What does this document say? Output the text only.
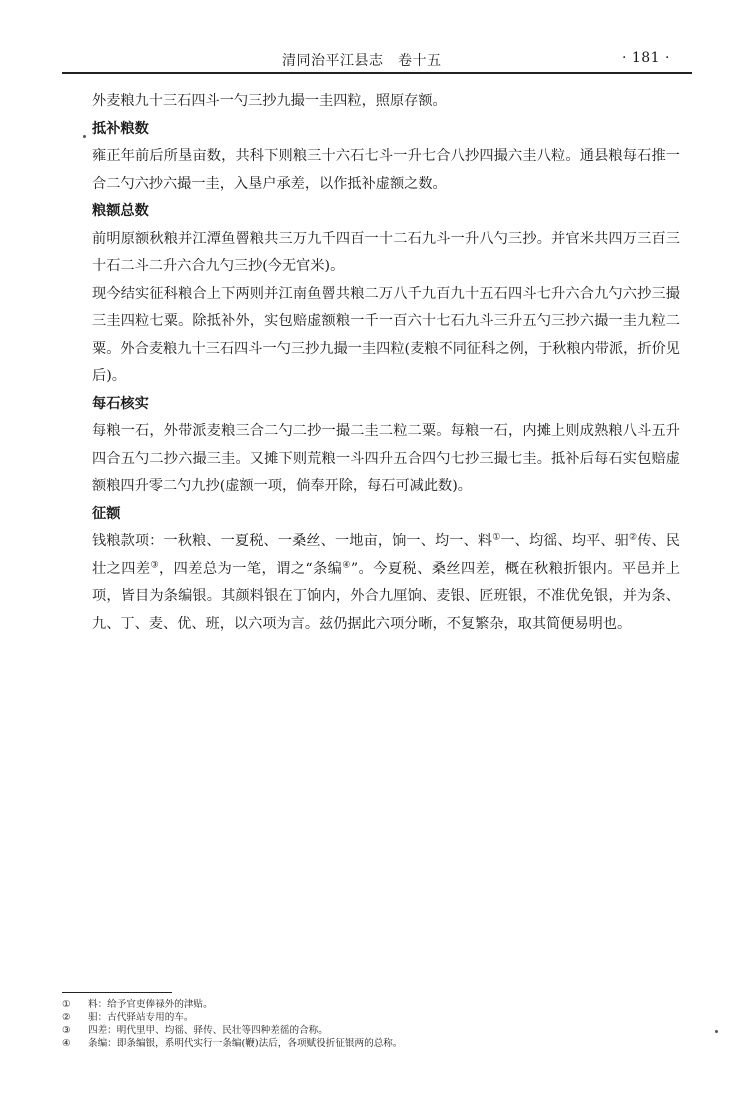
清同治平江县志　卷十五	· 181 ·

外麦粮九十三石四斗一勺三抄九撮一圭四粒，照原存额。

抵补粮数

雍正年前后所垦亩数，共科下则粮三十六石七斗一升七合八抄四撮六圭八粒。通县粮每石推一合二勺六抄六撮一圭，入垦户承差，以作抵补虚额之数。

粮额总数

前明原额秋粮并江潭鱼罾粮共三万九千四百一十二石九斗一升八勺三抄。并官米共四万三百三十石二斗二升六合九勺三抄(今无官米)。

现今结实征科粮合上下两则并江南鱼罾共粮二万八千九百九十五石四斗七升六合九勺六抄三撮三圭四粒七粟。除抵补外，实包赔虚额粮一千一百六十七石九斗三升五勺三抄六撮一圭九粒二粟。外合麦粮九十三石四斗一勺三抄九撮一圭四粒(麦粮不同征科之例，于秋粮内带派，折价见后)。

每石核实

每粮一石，外带派麦粮三合二勺二抄一撮二圭二粒二粟。每粮一石，内摊上则成熟粮八斗五升四合五勺二抄六撮三圭。又摊下则荒粮一斗四升五合四勺七抄三撮七圭。抵补后每石实包赔虚额粮四升零二勺九抄(虚额一项，倘奉开除，每石可减此数)。

征额

钱粮款项：一秋粮、一夏税、一桑丝、一地亩，饷一、均一、料①一、均徭、均平、驲②传、民壮之四差③，四差总为一笔，谓之“条编④”。今夏税、桑丝四差，概在秋粮折银内。平邑并上项，皆目为条编银。其颜料银在丁饷内，外合九厘饷、麦银、匠班银，不准优免银，并为条、九、丁、麦、优、班，以六项为言。兹仍据此六项分晰，不复繁杂，取其简便易明也。

① 料：给予官吏俸禄外的津贴。
② 驲：古代驿站专用的车。
③ 四差：明代里甲、均徭、驿传、民壮等四种差徭的合称。
④ 条编：即条编银，系明代实行一条编(鞭)法后，各项赋役折征银两的总称。
